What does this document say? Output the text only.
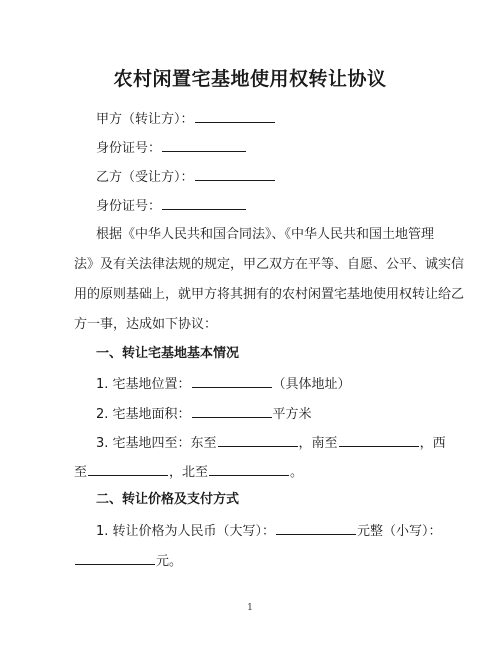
农村闲置宅基地使用权转让协议
甲方（转让方）：
身份证号：
乙方（受让方）：
身份证号：
根据《中华人民共和国合同法》、《中华人民共和国土地管理
法》及有关法律法规的规定，甲乙双方在平等、自愿、公平、诚实信
用的原则基础上，就甲方将其拥有的农村闲置宅基地使用权转让给乙
方一事，达成如下协议：
一、转让宅基地基本情况
1. 宅基地位置：	（具体地址）
2. 宅基地面积：	平方米
3. 宅基地四至：东至	，南至	，西
至	，北至	。
二、转让价格及支付方式
1. 转让价格为人民币（大写）：	元整（小写）：
元。
1
